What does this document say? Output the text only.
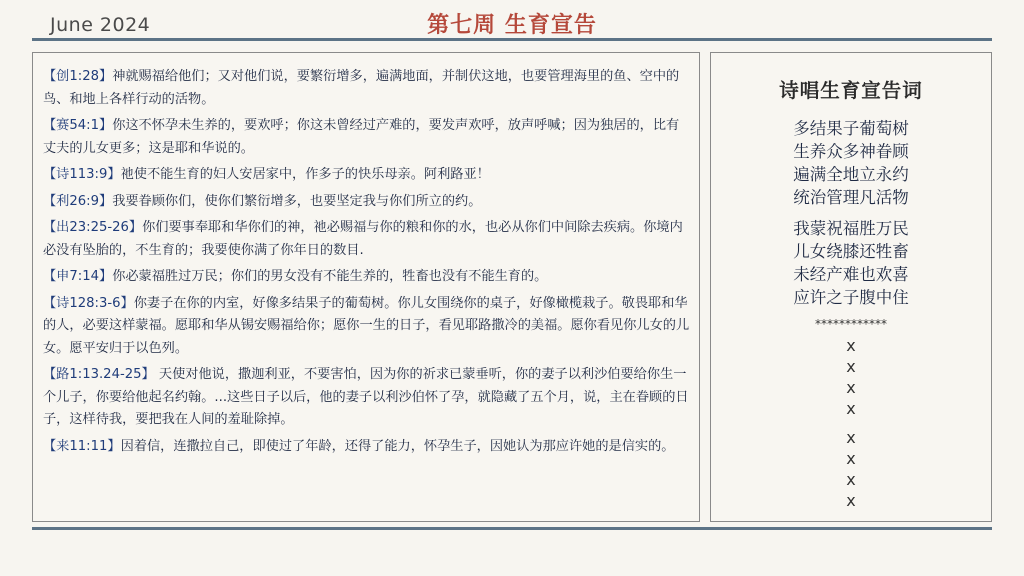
June 2024	第七周 生育宣告

【创1:28】神就赐福给他们；又对他们说，要繁衍增多，遍满地面，并制伏这地，也要管理海里的鱼、空中的鸟、和地上各样行动的活物。

【赛54:1】你这不怀孕未生养的，要欢呼；你这未曾经过产难的，要发声欢呼，放声呼喊；因为独居的，比有丈夫的儿女更多；这是耶和华说的。

【诗113:9】祂使不能生育的妇人安居家中，作多子的快乐母亲。阿利路亚！

【利26:9】我要眷顾你们，使你们繁衍增多，也要坚定我与你们所立的约。

【出23:25-26】你们要事奉耶和华你们的神，祂必赐福与你的粮和你的水，也必从你们中间除去疾病。你境内必没有坠胎的，不生育的；我要使你满了你年日的数目.

【申7:14】你必蒙福胜过万民；你们的男女没有不能生养的，牲畜也没有不能生育的。

【诗128:3-6】你妻子在你的内室，好像多结果子的葡萄树。你儿女围绕你的桌子，好像橄榄栽子。敬畏耶和华的人，必要这样蒙福。愿耶和华从锡安赐福给你；愿你一生的日子，看见耶路撒冷的美福。愿你看见你儿女的儿女。愿平安归于以色列。

【路1:13.24-25】 天使对他说，撒迦利亚，不要害怕，因为你的祈求已蒙垂听，你的妻子以利沙伯要给你生一个儿子，你要给他起名约翰。...这些日子以后，他的妻子以利沙伯怀了孕，就隐藏了五个月，说，主在眷顾的日子，这样待我，要把我在人间的羞耻除掉。

【来11:11】因着信，连撒拉自己，即使过了年龄，还得了能力，怀孕生子，因她认为那应许她的是信实的。

诗唱生育宣告词
多结果子葡萄树
生养众多神眷顾
遍满全地立永约
统治管理凡活物
我蒙祝福胜万民
儿女绕膝还牲畜
未经产难也欢喜
应许之子腹中住
************
x
x
x
x
x
x
x
x
